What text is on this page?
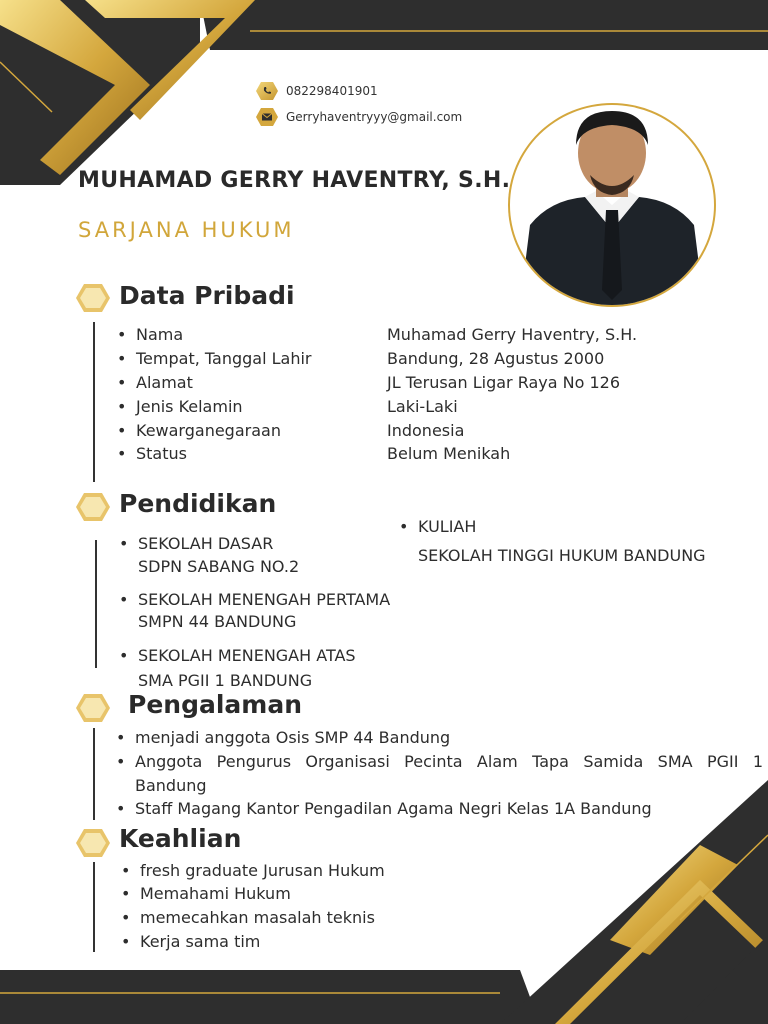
082298401901
Gerryhaventryyy@gmail.com
MUHAMAD GERRY HAVENTRY, S.H.
SARJANA HUKUM
Data Pribadi
• Nama	Muhamad Gerry Haventry, S.H.
• Tempat, Tanggal Lahir	Bandung, 28 Agustus 2000
• Alamat	JL Terusan Ligar Raya No 126
• Jenis Kelamin	Laki-Laki
• Kewarganegaraan	Indonesia
• Status	Belum Menikah
Pendidikan
• SEKOLAH DASAR
SDPN SABANG NO.2
• SEKOLAH MENENGAH PERTAMA
SMPN 44 BANDUNG
• SEKOLAH MENENGAH ATAS
SMA PGII 1 BANDUNG
• KULIAH
SEKOLAH TINGGI HUKUM BANDUNG
Pengalaman
• menjadi anggota Osis SMP 44 Bandung
• Anggota Pengurus Organisasi Pecinta Alam Tapa Samida SMA PGII 1
Bandung
• Staff Magang Kantor Pengadilan Agama Negri Kelas 1A Bandung
Keahlian
• fresh graduate Jurusan Hukum
• Memahami Hukum
• memecahkan masalah teknis
• Kerja sama tim
